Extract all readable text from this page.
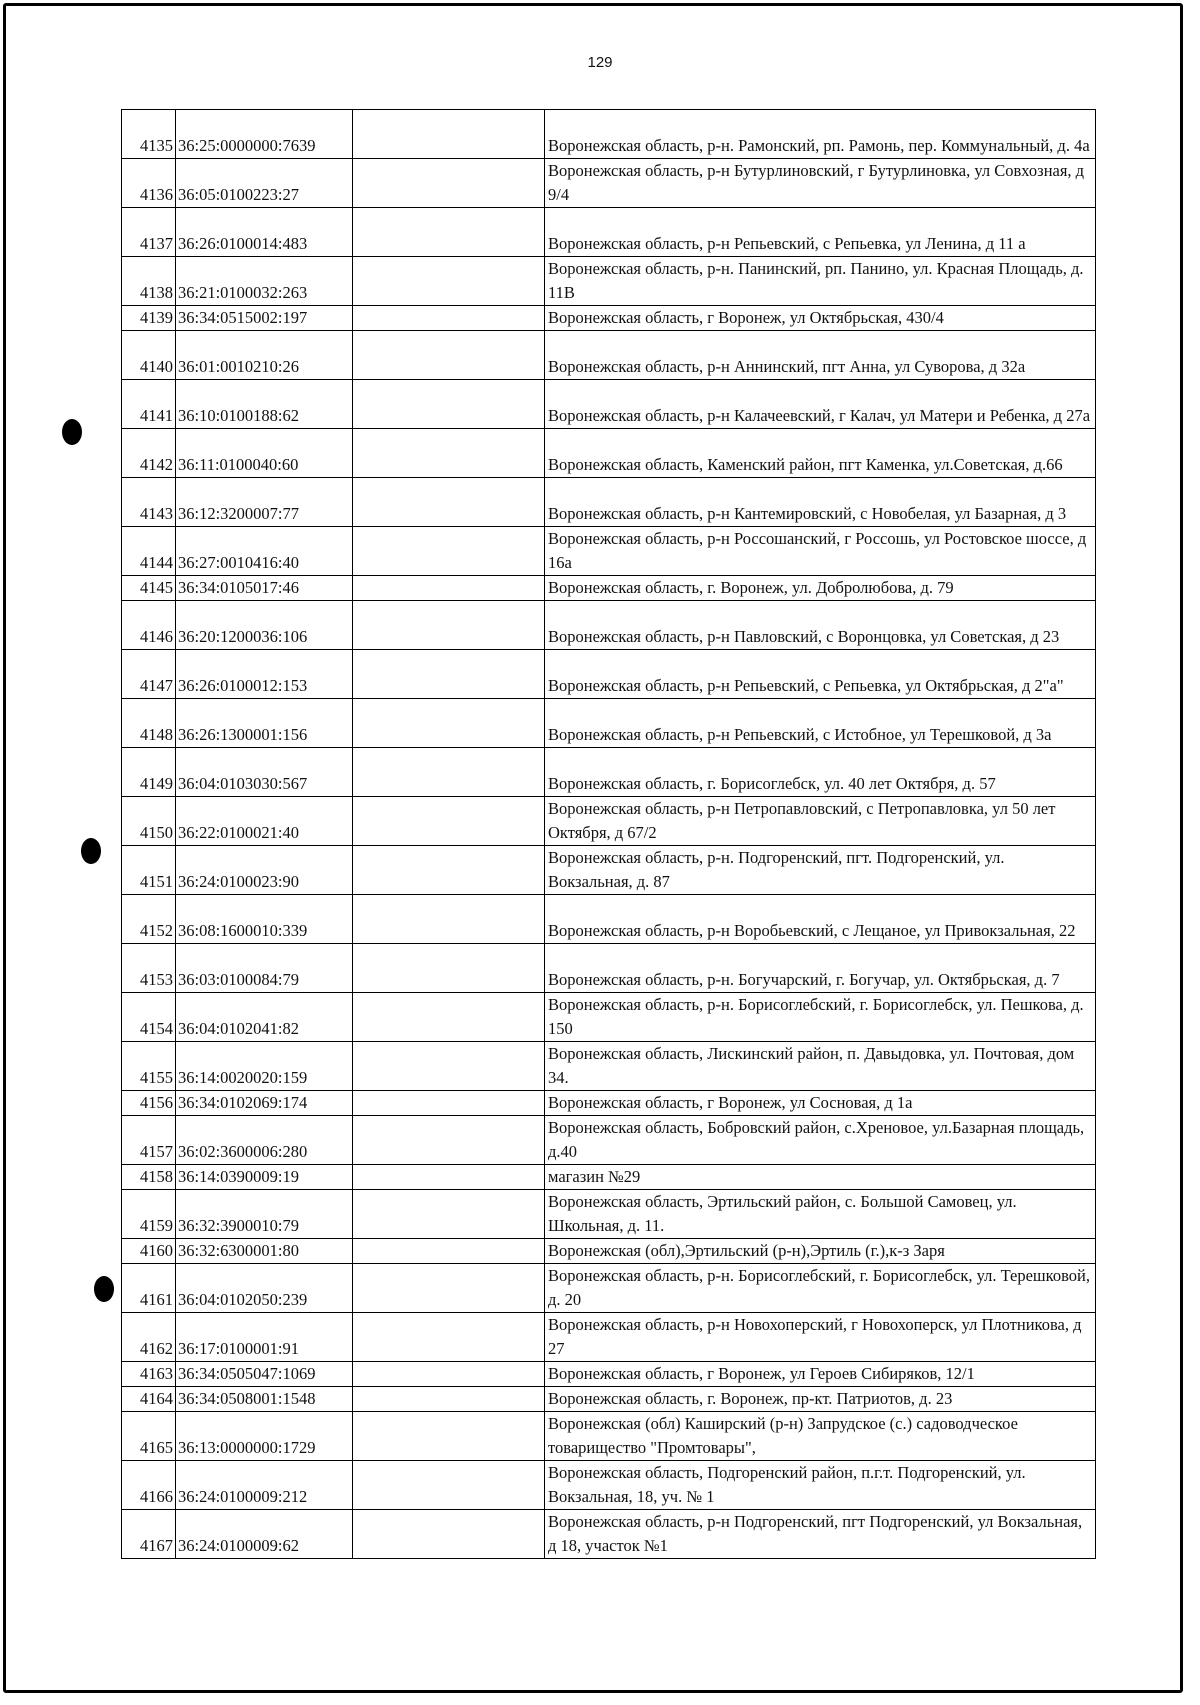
129
4135	36:25:0000000:7639		Воронежская область, р-н. Рамонский, рп. Рамонь, пер. Коммунальный, д. 4а
4136	36:05:0100223:27		Воронежская область, р-н Бутурлиновский, г Бутурлиновка, ул Совхозная, д 9/4
4137	36:26:0100014:483		Воронежская область, р-н Репьевский, с Репьевка, ул Ленина, д 11 а
4138	36:21:0100032:263		Воронежская область, р-н. Панинский, рп. Панино, ул. Красная Площадь, д. 11В
4139	36:34:0515002:197		Воронежская область, г Воронеж, ул Октябрьская, 430/4
4140	36:01:0010210:26		Воронежская область, р-н Аннинский, пгт Анна, ул Суворова, д 32а
4141	36:10:0100188:62		Воронежская область, р-н Калачеевский, г Калач, ул Матери и Ребенка, д 27а
4142	36:11:0100040:60		Воронежская область, Каменский район, пгт Каменка, ул.Советская, д.66
4143	36:12:3200007:77		Воронежская область, р-н Кантемировский, с Новобелая, ул Базарная, д 3
4144	36:27:0010416:40		Воронежская область, р-н Россошанский, г Россошь, ул Ростовское шоссе, д 16а
4145	36:34:0105017:46		Воронежская область, г. Воронеж, ул. Добролюбова, д. 79
4146	36:20:1200036:106		Воронежская область, р-н Павловский, с Воронцовка, ул Советская, д 23
4147	36:26:0100012:153		Воронежская область, р-н Репьевский, с Репьевка, ул Октябрьская, д 2"а"
4148	36:26:1300001:156		Воронежская область, р-н Репьевский, с Истобное, ул Терешковой, д 3а
4149	36:04:0103030:567		Воронежская область, г. Борисоглебск, ул. 40 лет Октября, д. 57
4150	36:22:0100021:40		Воронежская область, р-н Петропавловский, с Петропавловка, ул 50 лет Октября, д 67/2
4151	36:24:0100023:90		Воронежская область, р-н. Подгоренский, пгт. Подгоренский, ул. Вокзальная, д. 87
4152	36:08:1600010:339		Воронежская область, р-н Воробьевский, с Лещаное, ул Привокзальная, 22
4153	36:03:0100084:79		Воронежская область, р-н. Богучарский, г. Богучар, ул. Октябрьская, д. 7
4154	36:04:0102041:82		Воронежская область, р-н. Борисоглебский, г. Борисоглебск, ул. Пешкова, д. 150
4155	36:14:0020020:159		Воронежская область, Лискинский район, п. Давыдовка, ул. Почтовая, дом 34.
4156	36:34:0102069:174		Воронежская область, г Воронеж, ул Сосновая, д 1а
4157	36:02:3600006:280		Воронежская область, Бобровский район, с.Хреновое, ул.Базарная площадь, д.40
4158	36:14:0390009:19		магазин №29
4159	36:32:3900010:79		Воронежская область, Эртильский район, с. Большой Самовец, ул. Школьная, д. 11.
4160	36:32:6300001:80		Воронежская (обл),Эртильский (р-н),Эртиль (г.),к-з Заря
4161	36:04:0102050:239		Воронежская область, р-н. Борисоглебский, г. Борисоглебск, ул. Терешковой, д. 20
4162	36:17:0100001:91		Воронежская область, р-н Новохоперский, г Новохоперск, ул Плотникова, д 27
4163	36:34:0505047:1069		Воронежская область, г Воронеж, ул Героев Сибиряков, 12/1
4164	36:34:0508001:1548		Воронежская область, г. Воронеж, пр-кт. Патриотов, д. 23
4165	36:13:0000000:1729		Воронежская (обл) Каширский (р-н) Запрудское (с.) садоводческое товарищество "Промтовары",
4166	36:24:0100009:212		Воронежская область, Подгоренский район, п.г.т. Подгоренский, ул. Вокзальная, 18, уч. № 1
4167	36:24:0100009:62		Воронежская область, р-н Подгоренский, пгт Подгоренский, ул Вокзальная, д 18, участок №1
